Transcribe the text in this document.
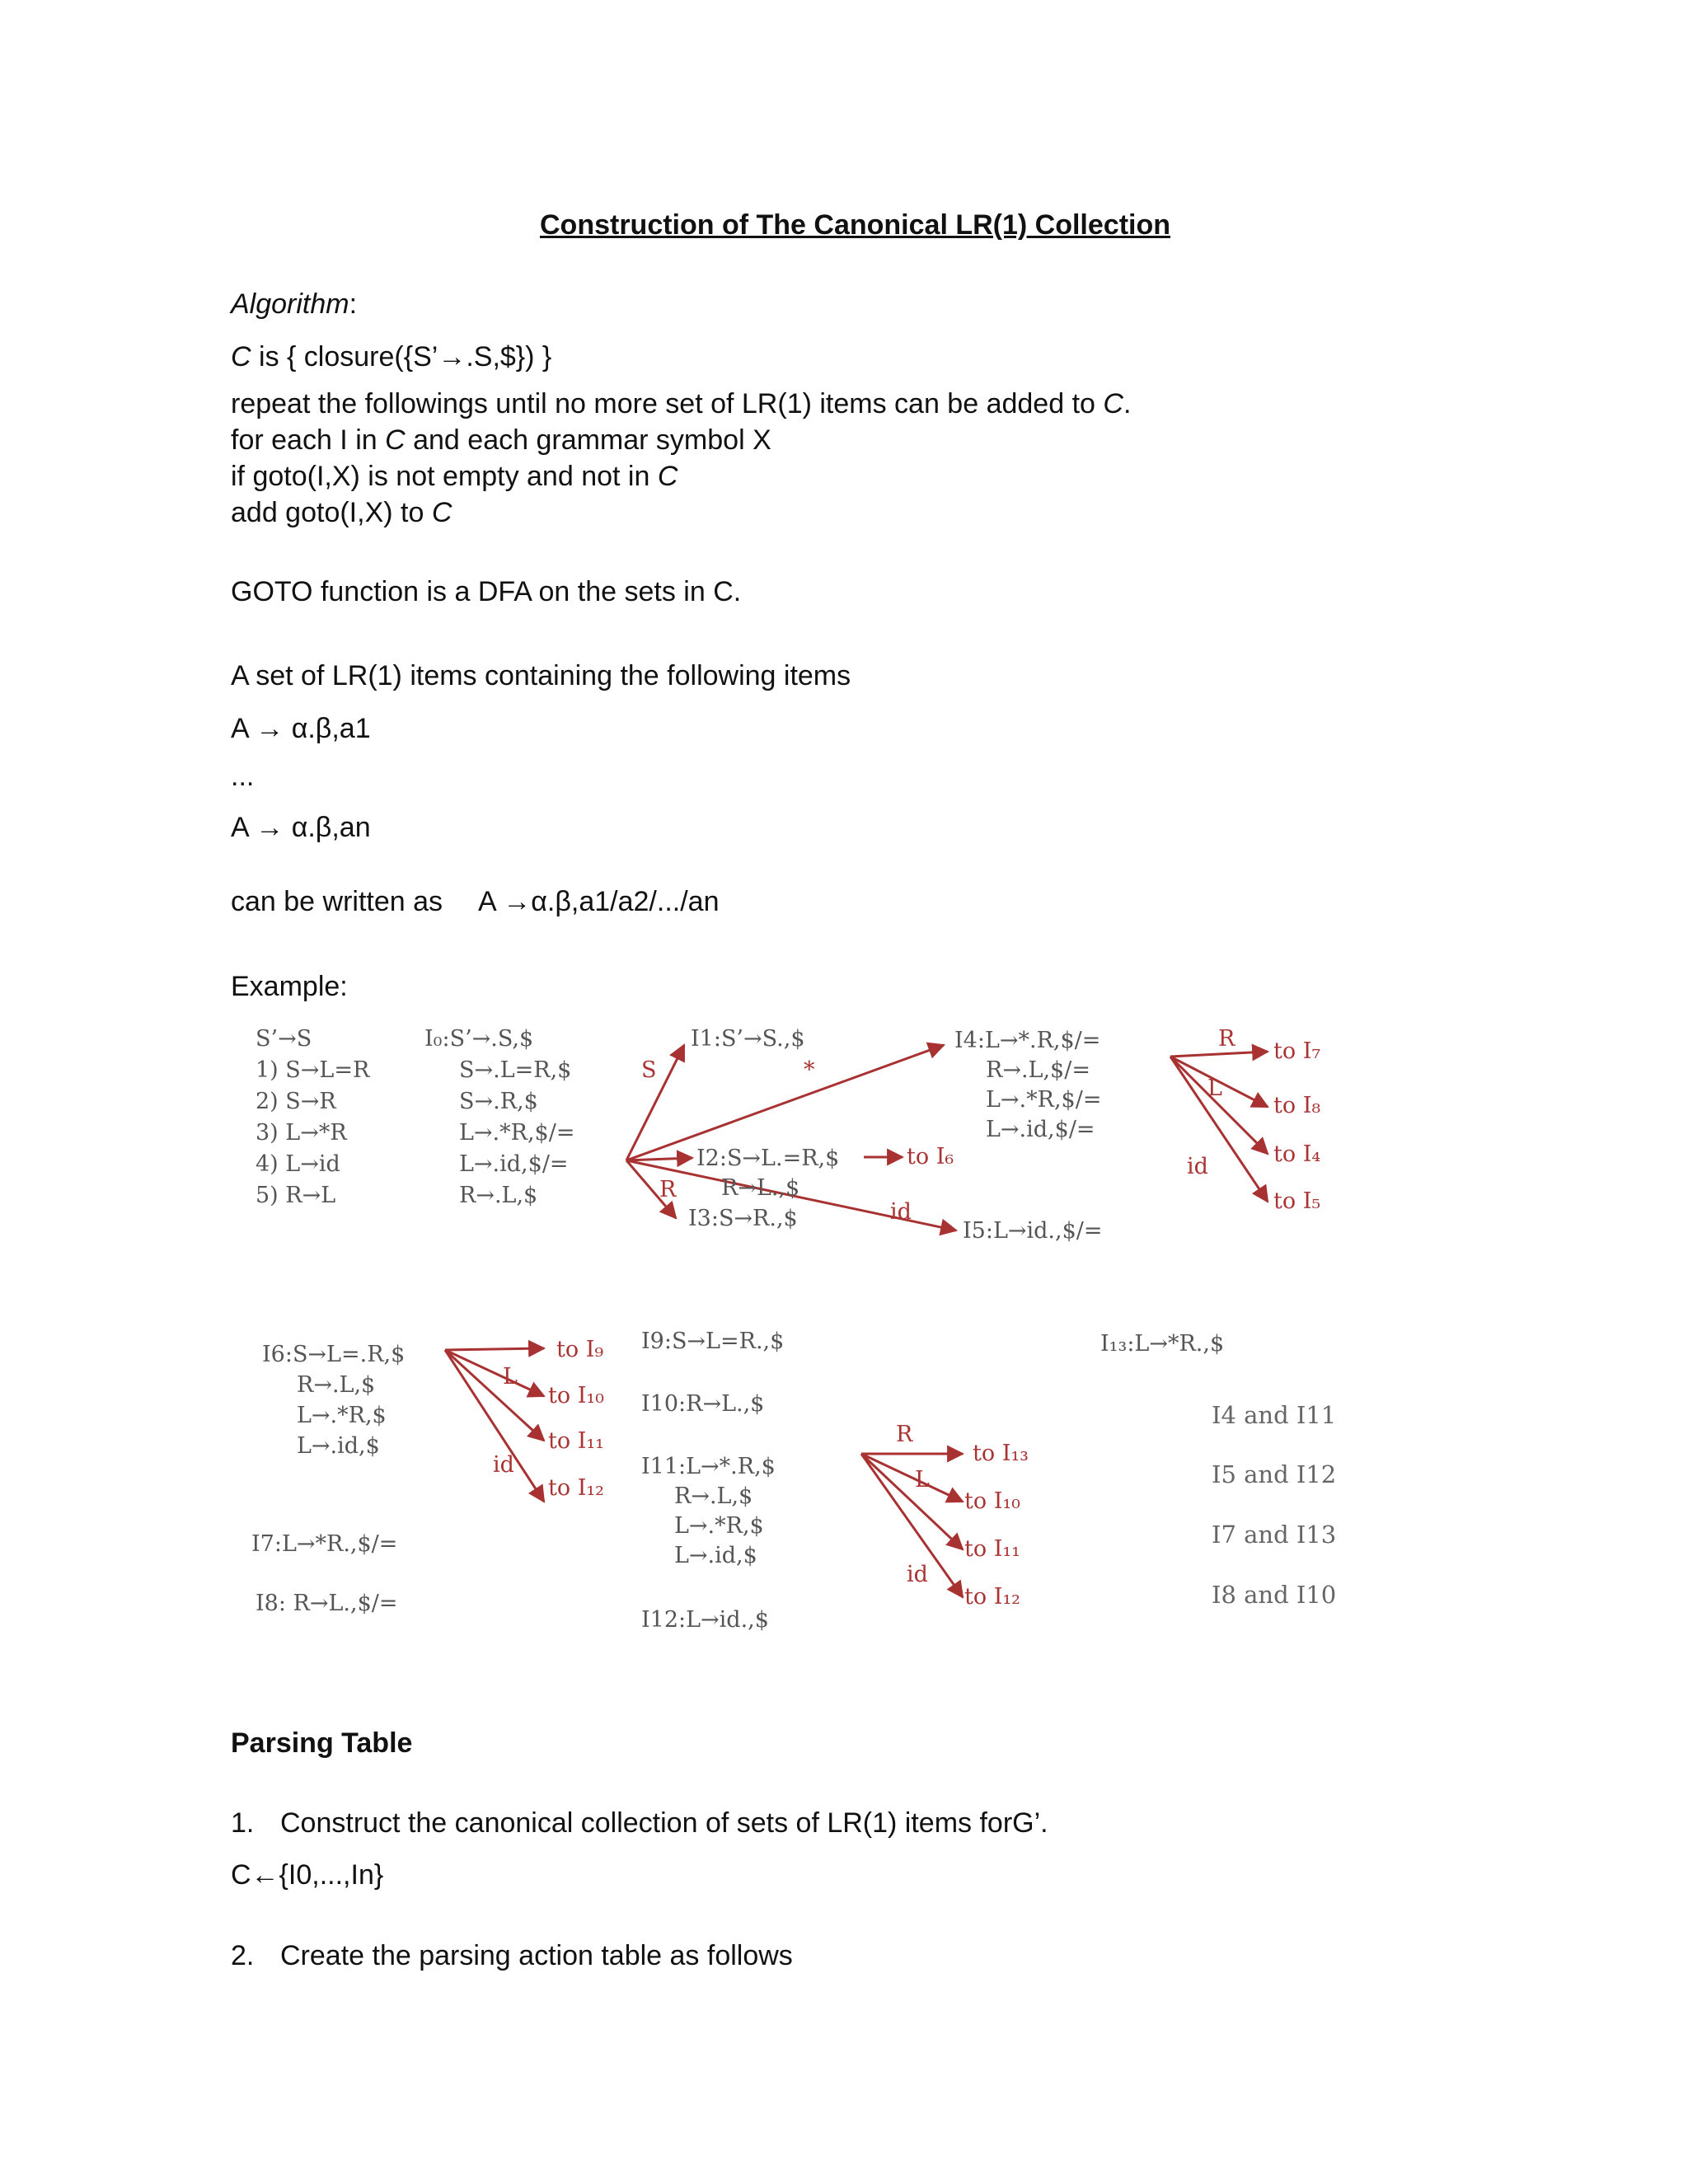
Construction of The Canonical LR(1) Collection
Algorithm:
C is { closure({S’→.S,$}) }
repeat the followings until no more set of LR(1) items can be added to C.
for each I in C and each grammar symbol X
if goto(I,X) is not empty and not in C
add goto(I,X) to C
GOTO function is a DFA on the sets in C.
A set of LR(1) items containing the following items
A → α.β,a1
...
A → α.β,an
can be written as A →α.β,a1/a2/.../an
Example:
S’→S
1) S→L=R
2) S→R
3) L→*R
4) L→id
5) R→L
I₀:S’→.S,$
S→.L=R,$
S→.R,$
L→.*R,$/=
L→.id,$/=
R→.L,$
S	*
R
id
I1:S’→S.,$
I2:S→L.=R,$
R→L.,$
to I₆
I3:S→R.,$
I4:L→*.R,$/=
R→.L,$/=
L→.*R,$/=
L→.id,$/=
I5:L→id.,$/=
R
L
id
to I₇
to I₈
to I₄
to I₅
I6:S→L=.R,$
R→.L,$
L→.*R,$
L→.id,$
L
id
to I₉
to I₁₀
to I₁₁
to I₁₂
I7:L→*R.,$/=
I8: R→L.,$/=
I9:S→L=R.,$
I10:R→L.,$
I11:L→*.R,$
R→.L,$
L→.*R,$
L→.id,$
I12:L→id.,$
R
L
id
to I₁₃
to I₁₀
to I₁₁
to I₁₂
I₁₃:L→*R.,$
I4 and I11
I5 and I12
I7 and I13
I8 and I10
Parsing Table
1. Construct the canonical collection of sets of LR(1) items forG’.
C←{I0,...,In}
2. Create the parsing action table as follows
